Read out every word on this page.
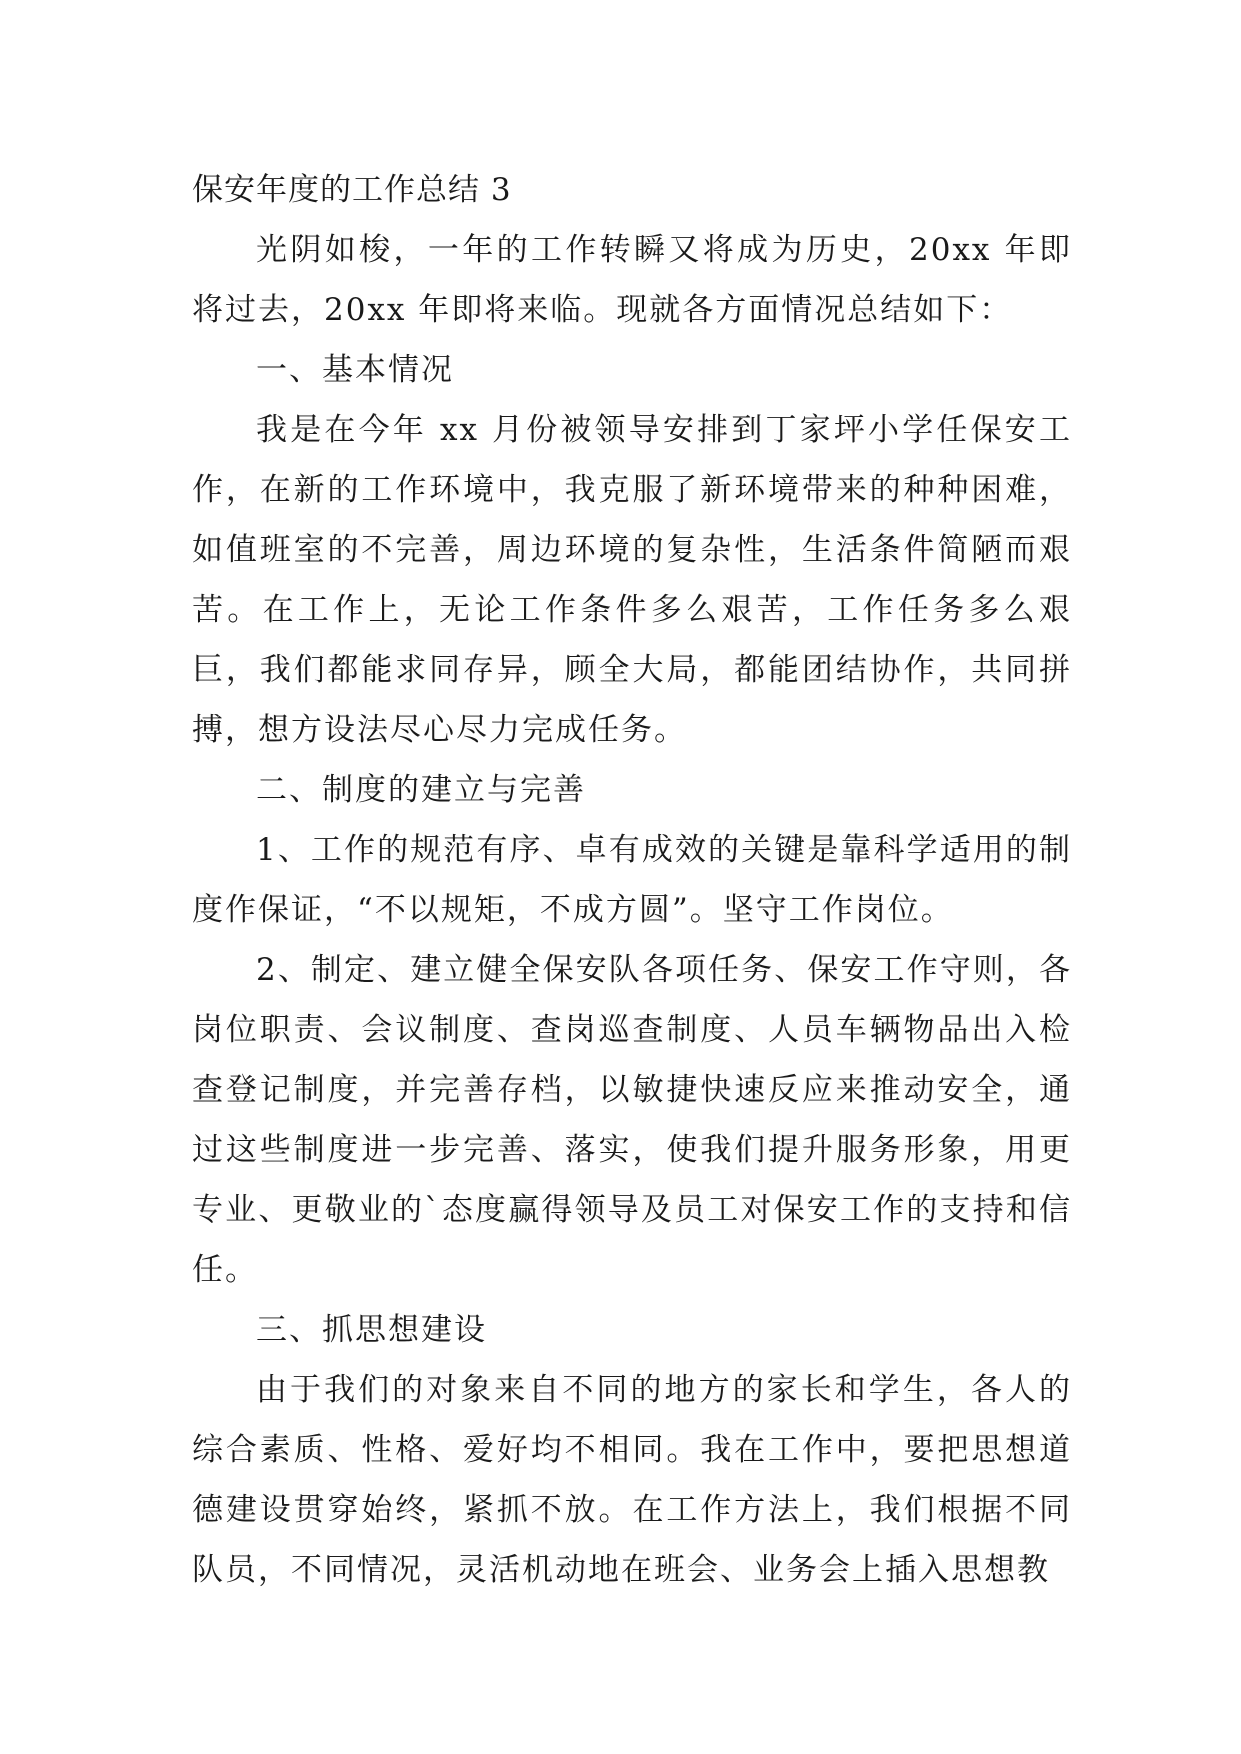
保安年度的工作总结 3

光阴如梭，一年的工作转瞬又将成为历史，20xx 年即将过去，20xx 年即将来临。现就各方面情况总结如下：

一、基本情况

我是在今年 xx 月份被领导安排到丁家坪小学任保安工作，在新的工作环境中，我克服了新环境带来的种种困难，如值班室的不完善，周边环境的复杂性，生活条件简陋而艰苦。在工作上，无论工作条件多么艰苦，工作任务多么艰巨，我们都能求同存异，顾全大局，都能团结协作，共同拼搏，想方设法尽心尽力完成任务。

二、制度的建立与完善

1、工作的规范有序、卓有成效的关键是靠科学适用的制度作保证，“不以规矩，不成方圆”。坚守工作岗位。

2、制定、建立健全保安队各项任务、保安工作守则，各岗位职责、会议制度、查岗巡查制度、人员车辆物品出入检查登记制度，并完善存档，以敏捷快速反应来推动安全，通过这些制度进一步完善、落实，使我们提升服务形象，用更专业、更敬业的`态度赢得领导及员工对保安工作的支持和信任。

三、抓思想建设

由于我们的对象来自不同的地方的家长和学生，各人的综合素质、性格、爱好均不相同。我在工作中，要把思想道德建设贯穿始终，紧抓不放。在工作方法上，我们根据不同队员，不同情况，灵活机动地在班会、业务会上插入思想教
